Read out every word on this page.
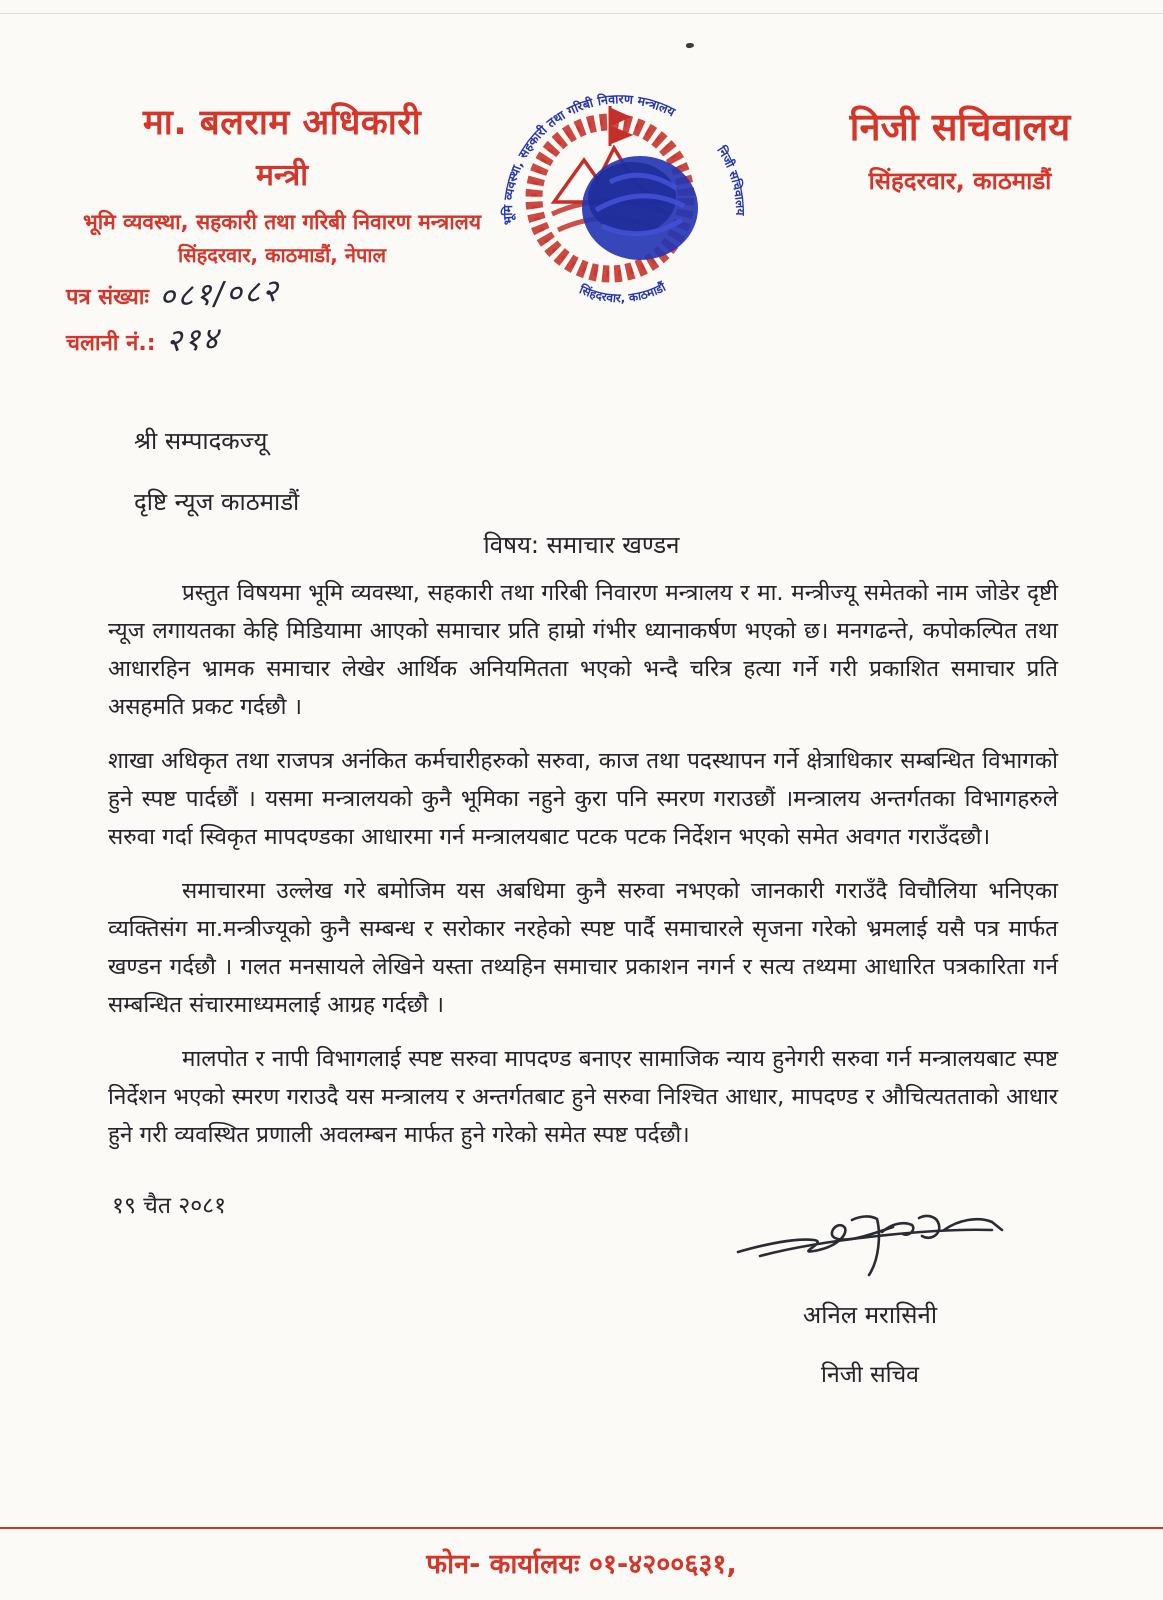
मा. बलराम अधिकारी
मन्त्री
भूमि व्यवस्था, सहकारी तथा गरिबी निवारण मन्त्रालय
सिंहदरवार, काठमाडौं, नेपाल
निजी सचिवालय
सिंहदरवार, काठमाडौं
भूमि व्यवस्था, सहकारी तथा गरिबी निवारण मन्त्रालय
निजी सचिवालय
सिंहदरवार, काठमाडौं
पत्र संख्याः ०८१/०८२
चलानी नं.: २१४
श्री सम्पादकज्यू
दृष्टि न्यूज काठमाडौं
विषय: समाचार खण्डन

प्रस्तुत विषयमा भूमि व्यवस्था, सहकारी तथा गरिबी निवारण मन्त्रालय र मा. मन्त्रीज्यू समेतको नाम जोडेर दृष्टी न्यूज लगायतका केहि मिडियामा आएको समाचार प्रति हाम्रो गंभीर ध्यानाकर्षण भएको छ। मनगढन्ते, कपोकल्पित तथा आधारहिन भ्रामक समाचार लेखेर आर्थिक अनियमितता भएको भन्दै चरित्र हत्या गर्ने गरी प्रकाशित समाचार प्रति असहमति प्रकट गर्दछौ ।

शाखा अधिकृत तथा राजपत्र अनंकित कर्मचारीहरुको सरुवा, काज तथा पदस्थापन गर्ने क्षेत्राधिकार सम्बन्धित विभागको हुने स्पष्ट पार्दछौं । यसमा मन्त्रालयको कुनै भूमिका नहुने कुरा पनि स्मरण गराउछौं ।मन्त्रालय अन्तर्गतका विभागहरुले सरुवा गर्दा स्विकृत मापदण्डका आधारमा गर्न मन्त्रालयबाट पटक पटक निर्देशन भएको समेत अवगत गराउँदछौ।

समाचारमा उल्लेख गरे बमोजिम यस अबधिमा कुनै सरुवा नभएको जानकारी गराउँदै विचौलिया भनिएका व्यक्तिसंग मा.मन्त्रीज्यूको कुनै सम्बन्ध र सरोकार नरहेको स्पष्ट पार्दै समाचारले सृजना गरेको भ्रमलाई यसै पत्र मार्फत खण्डन गर्दछौ । गलत मनसायले लेखिने यस्ता तथ्यहिन समाचार प्रकाशन नगर्न र सत्य तथ्यमा आधारित पत्रकारिता गर्न सम्बन्धित संचारमाध्यमलाई आग्रह गर्दछौ ।

मालपोत र नापी विभागलाई स्पष्ट सरुवा मापदण्ड बनाएर सामाजिक न्याय हुनेगरी सरुवा गर्न मन्त्रालयबाट स्पष्ट निर्देशन भएको स्मरण गराउदै यस मन्त्रालय र अन्तर्गतबाट हुने सरुवा निश्चित आधार, मापदण्ड र औचित्यतताको आधार हुने गरी व्यवस्थित प्रणाली अवलम्बन मार्फत हुने गरेको समेत स्पष्ट पर्दछौ।

१९ चैत २०८१
अनिल मरासिनी
निजी सचिव
फोन- कार्यालयः ०१-४२००६३१,
